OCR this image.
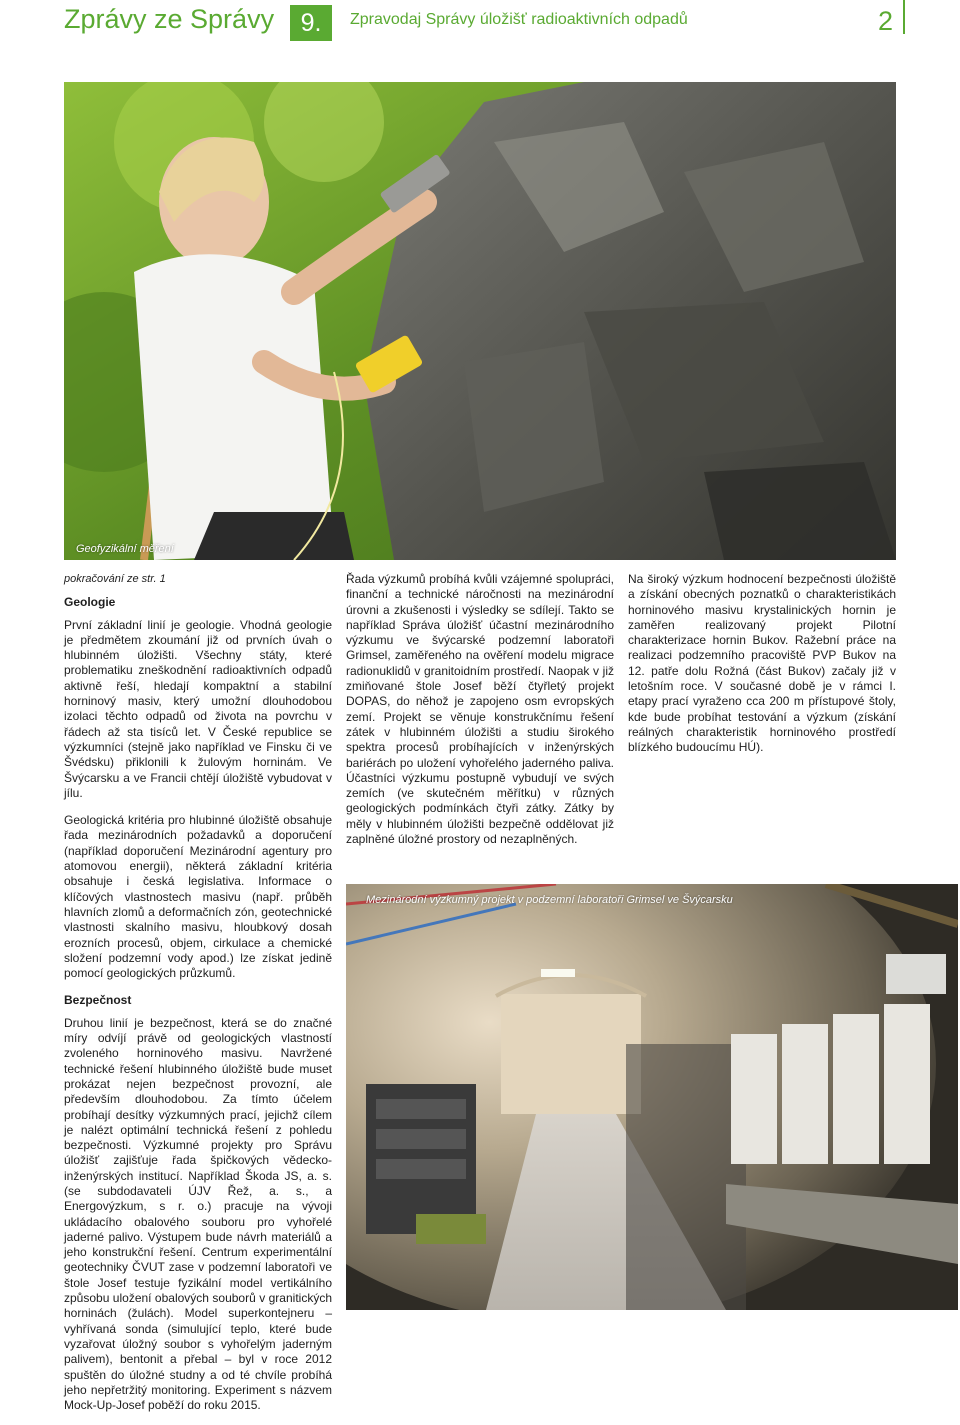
Zprávy ze Správy	9.	Zpravodaj Správy úložišť radioaktivních odpadů	2
Geofyzikální měření

pokračování ze str. 1

Geologie

První základní linií je geologie. Vhodná geologie je předmětem zkoumání již od prvních úvah o hlubinném úložišti. Všechny státy, které problematiku zneškodnění radioaktivních odpadů aktivně řeší, hledají kompaktní a stabilní horninový masiv, který umožní dlouhodobou izolaci těchto odpadů od života na povrchu v řádech až sta tisíců let. V České republice se výzkumníci (stejně jako například ve Finsku či ve Švédsku) přiklonili k žulovým horninám. Ve Švýcarsku a ve Francii chtějí úložiště vybudovat v jílu.

Geologická kritéria pro hlubinné úložiště obsahuje řada mezinárodních požadavků a doporučení (například doporučení Mezinárodní agentury pro atomovou energii), některá základní kritéria obsahuje i česká legislativa. Informace o klíčových vlastnostech masivu (např. průběh hlavních zlomů a deformačních zón, geotechnické vlastnosti skalního masivu, hloubkový dosah erozních procesů, objem, cirkulace a chemické složení podzemní vody apod.) lze získat jedině pomocí geologických průzkumů.

Bezpečnost

Druhou linií je bezpečnost, která se do značné míry odvíjí právě od geologických vlastností zvoleného horninového masivu. Navržené technické řešení hlubinného úložiště bude muset prokázat nejen bezpečnost provozní, ale především dlouhodobou. Za tímto účelem probíhají desítky výzkumných prací, jejichž cílem je nalézt optimální technická řešení z pohledu bezpečnosti. Výzkumné projekty pro Správu úložišť zajišťuje řada špičkových vědecko-inženýrských institucí. Například Škoda JS, a. s. (se subdodavateli ÚJV Řež, a. s., a Energovýzkum, s r. o.) pracuje na vývoji ukládacího obalového souboru pro vyhořelé jaderné palivo. Výstupem bude návrh materiálů a jeho konstrukční řešení. Centrum experimentální geotechniky ČVUT zase v podzemní laboratoři ve štole Josef testuje fyzikální model vertikálního způsobu uložení obalových souborů v granitických horninách (žulách). Model superkontejneru – vyhřívaná sonda (simulující teplo, které bude vyzařovat úložný soubor s vyhořelým jaderným palivem), bentonit a přebal – byl v roce 2012 spuštěn do úložné studny a od té chvíle probíhá jeho nepřetržitý monitoring. Experiment s názvem Mock-Up-Josef poběží do roku 2015.

Řada výzkumů probíhá kvůli vzájemné spolupráci, finanční a technické náročnosti na mezinárodní úrovni a zkušenosti i výsledky se sdílejí. Takto se například Správa úložišť účastní mezinárodního výzkumu ve švýcarské podzemní laboratoři Grimsel, zaměřeného na ověření modelu migrace radionuklidů v granitoidním prostředí. Naopak v již zmiňované štole Josef běží čtyřletý projekt DOPAS, do něhož je zapojeno osm evropských zemí. Projekt se věnuje konstrukčnímu řešení zátek v hlubinném úložišti a studiu širokého spektra procesů probíhajících v inženýrských bariérách po uložení vyhořelého jaderného paliva. Účastníci výzkumu postupně vybudují ve svých zemích (ve skutečném měřítku) v různých geologických podmínkách čtyři zátky. Zátky by měly v hlubinném úložišti bezpečně oddělovat již zaplněné úložné prostory od nezaplněných.

Na široký výzkum hodnocení bezpečnosti úložiště a získání obecných poznatků o charakteristikách horninového masivu krystalinických hornin je zaměřen realizovaný projekt Pilotní charakterizace hornin Bukov. Ražební práce na realizaci podzemního pracoviště PVP Bukov na 12. patře dolu Rožná (část Bukov) začaly již v letošním roce. V současné době je v rámci I. etapy prací vyraženo cca 200 m přístupové štoly, kde bude probíhat testování a výzkum (získání reálných charakteristik horninového prostředí blízkého budoucímu HÚ).

Mezinárodní výzkumný projekt v podzemní laboratoři Grimsel ve Švýcarsku
